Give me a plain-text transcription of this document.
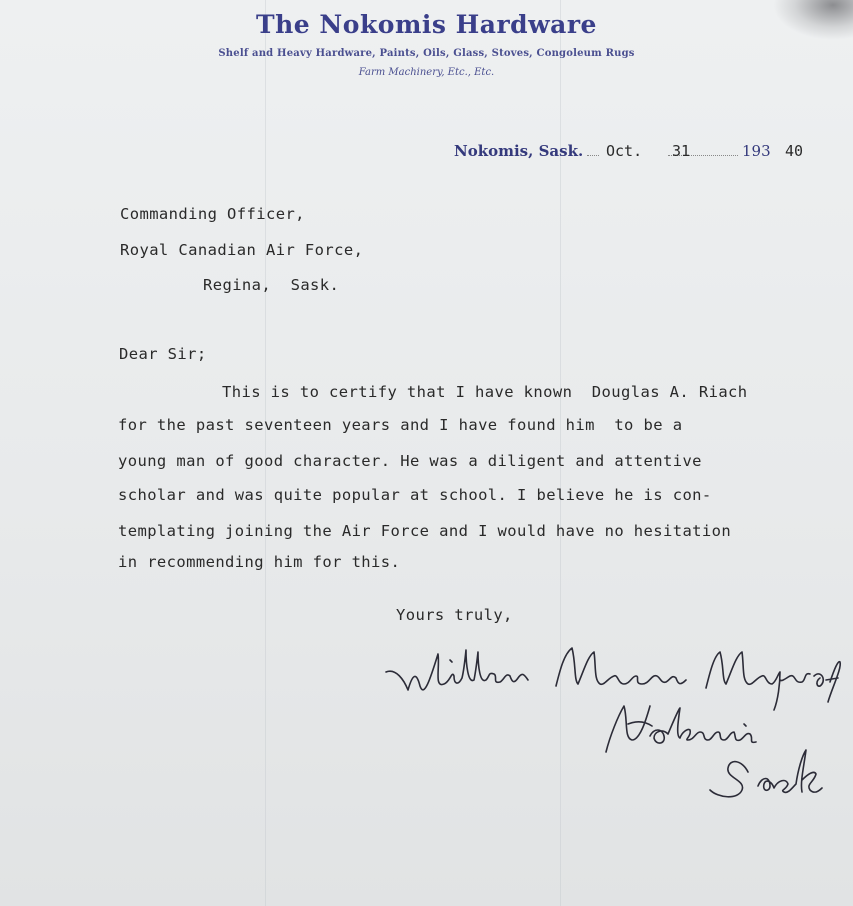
The Nokomis Hardware
Shelf and Heavy Hardware, Paints, Oils, Glass, Stoves, Congoleum Rugs
Farm Machinery, Etc., Etc.
Nokomis, Sask. Oct. 31	193 40
Commanding Officer,
Royal Canadian Air Force,
Regina,  Sask.
Dear Sir;
This is to certify that I have known  Douglas A. Riach
for the past seventeen years and I have found him  to be a
young man of good character. He was a diligent and attentive
scholar and was quite popular at school. I believe he is con-
templating joining the Air Force and I would have no hesitation
in recommending him for this.
Yours truly,
